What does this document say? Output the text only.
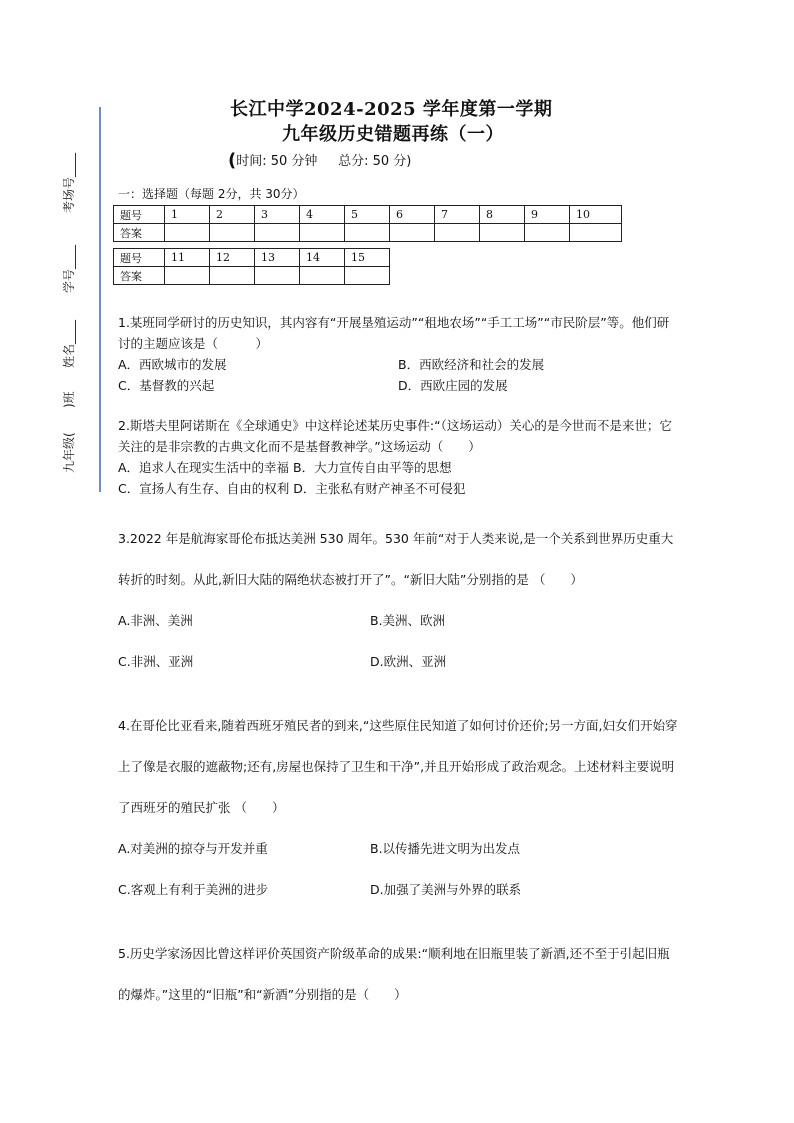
考场号____
学号____
姓名____
)班
九年级(
长江中学2024-2025 学年度第一学期
九年级历史错题再练（一）
(时间: 50 分钟 总分: 50 分)
一：选择题（每题 2分，共 30分）
题号	1	2	3	4	5	6	7	8	9	10
答案										
题号	11	12	13	14	15
答案					

1.某班同学研讨的历史知识，其内容有“开展垦殖运动”“租地农场”“手工工场”“市民阶层”等。他们研讨的主题应该是（　　　）

A．西欧城市的发展	B．西欧经济和社会的发展
C．基督教的兴起	D．西欧庄园的发展

2.斯塔夫里阿诺斯在《全球通史》中这样论述某历史事件:“（这场运动）关心的是今世而不是来世；它关注的是非宗教的古典文化而不是基督教神学。”这场运动（　　）

A．追求人在现实生活中的幸福 B．大力宣传自由平等的思想

C．宣扬人有生存、自由的权利 D．主张私有财产神圣不可侵犯

3.2022 年是航海家哥伦布抵达美洲 530 周年。530 年前“对于人类来说,是一个关系到世界历史重大转折的时刻。从此,新旧大陆的隔绝状态被打开了”。“新旧大陆”分别指的是 （　　）

A.非洲、美洲	B.美洲、欧洲
C.非洲、亚洲	D.欧洲、亚洲

4.在哥伦比亚看来,随着西班牙殖民者的到来,“这些原住民知道了如何讨价还价;另一方面,妇女们开始穿上了像是衣服的遮蔽物;还有,房屋也保持了卫生和干净”,并且开始形成了政治观念。上述材料主要说明了西班牙的殖民扩张 （　　）

A.对美洲的掠夺与开发并重	B.以传播先进文明为出发点
C.客观上有利于美洲的进步	D.加强了美洲与外界的联系

5.历史学家汤因比曾这样评价英国资产阶级革命的成果:“顺利地在旧瓶里装了新酒,还不至于引起旧瓶的爆炸。”这里的“旧瓶”和“新酒”分别指的是（　　）
